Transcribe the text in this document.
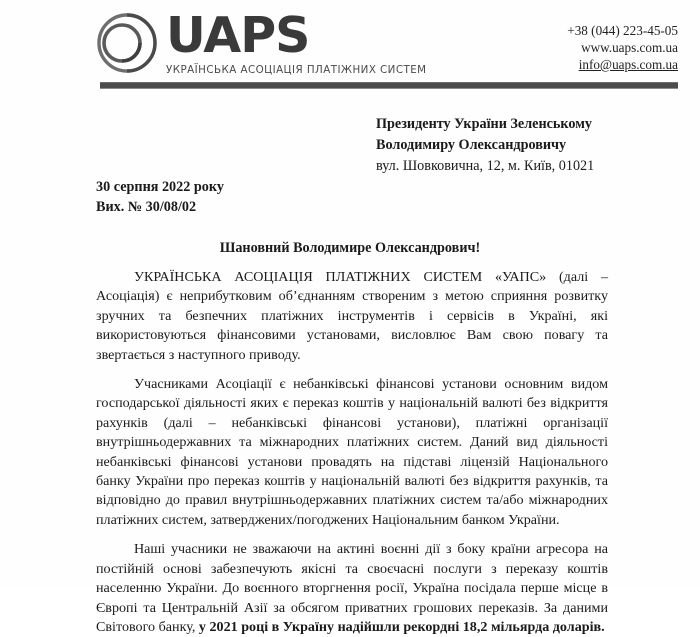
UAPS
УКРАЇНСЬКА АСОЦІАЦІЯ ПЛАТІЖНИХ СИСТЕМ
+38 (044) 223-45-05
www.uaps.com.ua
info@uaps.com.ua
Президенту України Зеленському
Володимиру Олександровичу
вул. Шовковична, 12, м. Київ, 01021
30 серпня 2022 року
Вих. № 30/08/02
Шановний Володимире Олександрович!

УКРАЇНСЬКА АСОЦІАЦІЯ ПЛАТІЖНИХ СИСТЕМ «УАПС» (далі – Асоціація) є неприбутковим об’єднанням створеним з метою сприяння розвитку зручних та безпечних платіжних інструментів і сервісів в Україні, які використовуються фінансовими установами, висловлює Вам свою повагу та звертається з наступного приводу.

Учасниками Асоціації є небанківські фінансові установи основним видом господарської діяльності яких є переказ коштів у національній валюті без відкриття рахунків (далі – небанківські фінансові установи), платіжні організації внутрішньодержавних та міжнародних платіжних систем. Даний вид діяльності небанківські фінансові установи провадять на підставі ліцензій Національного банку України про переказ коштів у національній валюті без відкриття рахунків, та відповідно до правил внутрішньодержавних платіжних систем та/або міжнародних платіжних систем, затверджених/погоджених Національним банком України.

Наші учасники не зважаючи на актині воєнні дії з боку країни агресора на постійній основі забезпечують якісні та своєчасні послуги з переказу коштів населенню України. До воєнного вторгнення росії, Україна посідала перше місце в Європі та Центральній Азії за обсягом приватних грошових переказів. За даними Світового банку, у 2021 році в Україну надійшли рекордні 18,2 мільярда доларів.
